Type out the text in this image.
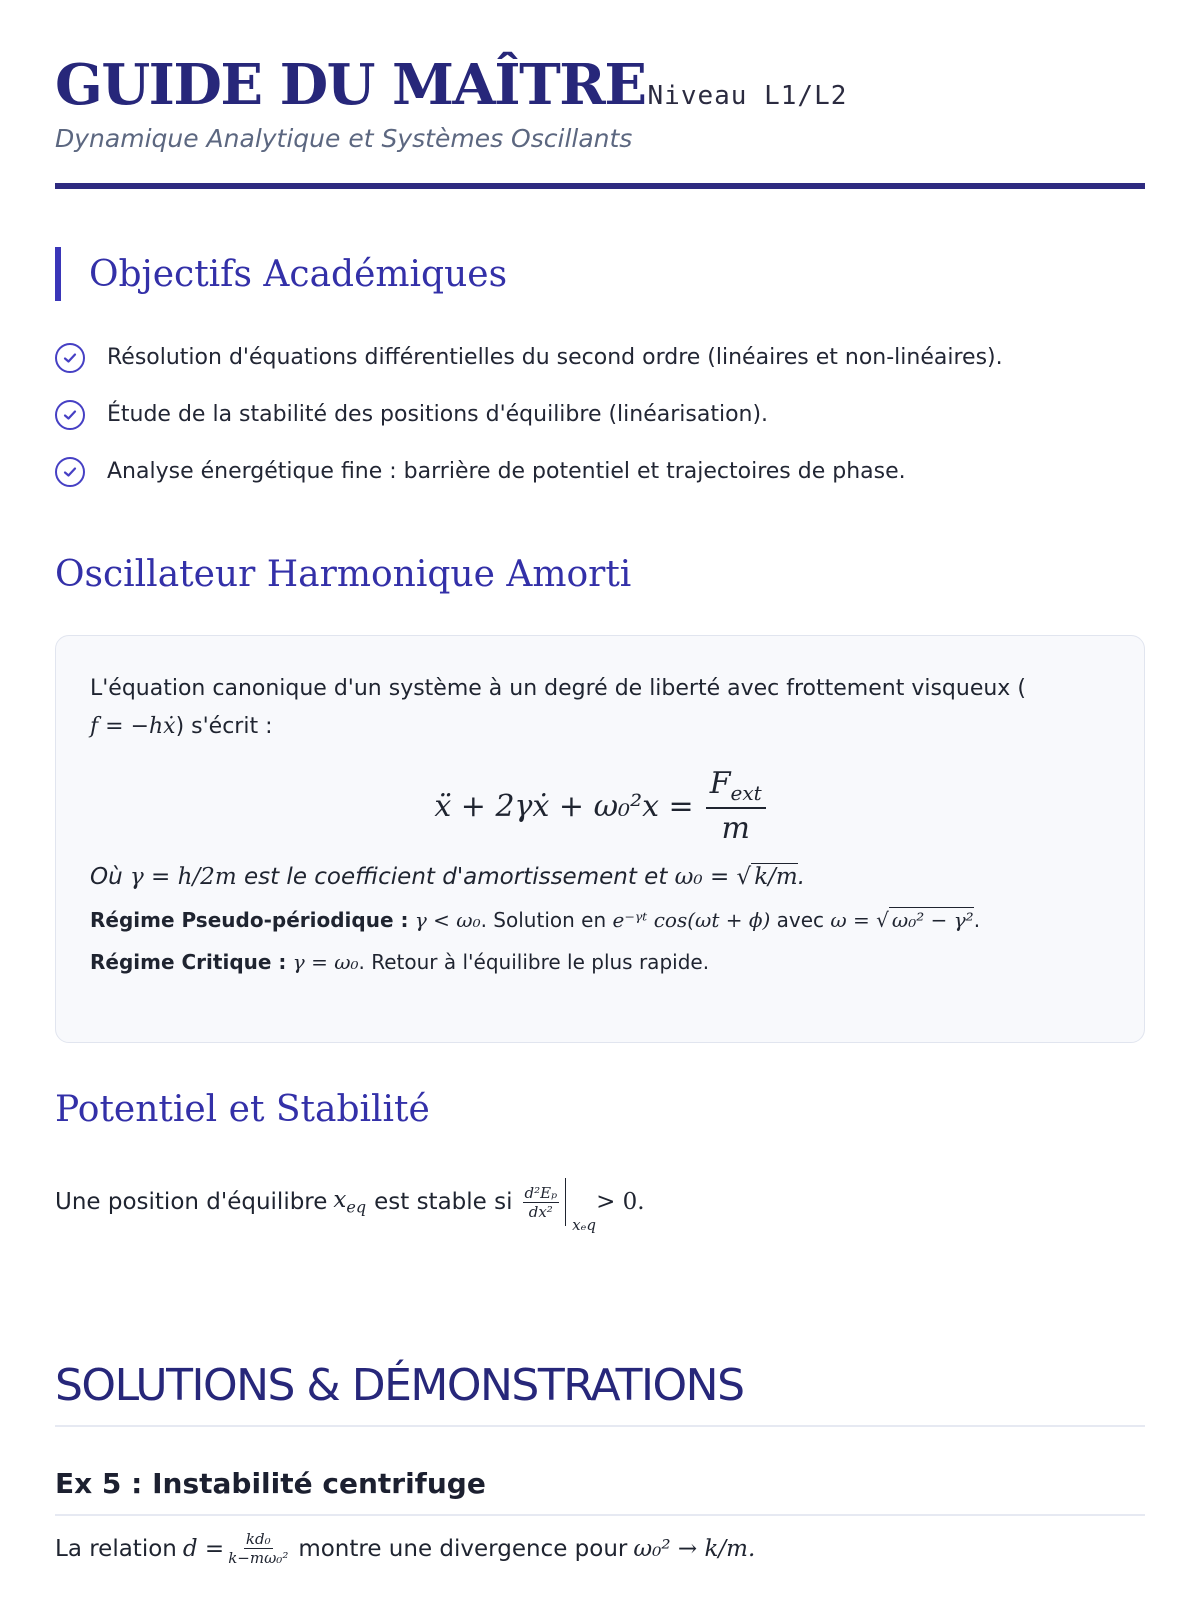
GUIDE DU MAÎTRE Niveau L1/L2
Dynamique Analytique et Systèmes Oscillants
Objectifs Académiques
Résolution d'équations différentielles du second ordre (linéaires et non-linéaires).
Étude de la stabilité des positions d'équilibre (linéarisation).
Analyse énergétique fine : barrière de potentiel et trajectoires de phase.
Oscillateur Harmonique Amorti

L'équation canonique d'un système à un degré de liberté avec frottement visqueux (
f = −hẋ) s'écrit :

ẍ + 2γẋ + $\omega_0^2x = \frac{F_{ext}}{m}$
Où γ = h/2m est le coefficient d'amortissement et ω₀ = √ k/m.
Régime Pseudo-périodique : γ < ω₀. Solution en e⁻ᵞᵗ cos(ωt + ϕ) avec ω = √ ω₀² − γ².
Régime Critique : γ = ω₀. Retour à l'équilibre le plus rapide.
Potentiel et Stabilité
Une position d'équilibre $x_{eq}$ est stable si $\frac{\text{d²Eₚ}}{\text{dx²}}$
xₑq
> 0.
SOLUTIONS & DÉMONSTRATIONS
Ex 5 : Instabilité centrifuge
La relation $d = \frac{\text{kd₀}}{\text{k−mω₀²}}$ montre une divergence pour ω₀² → k/m.
